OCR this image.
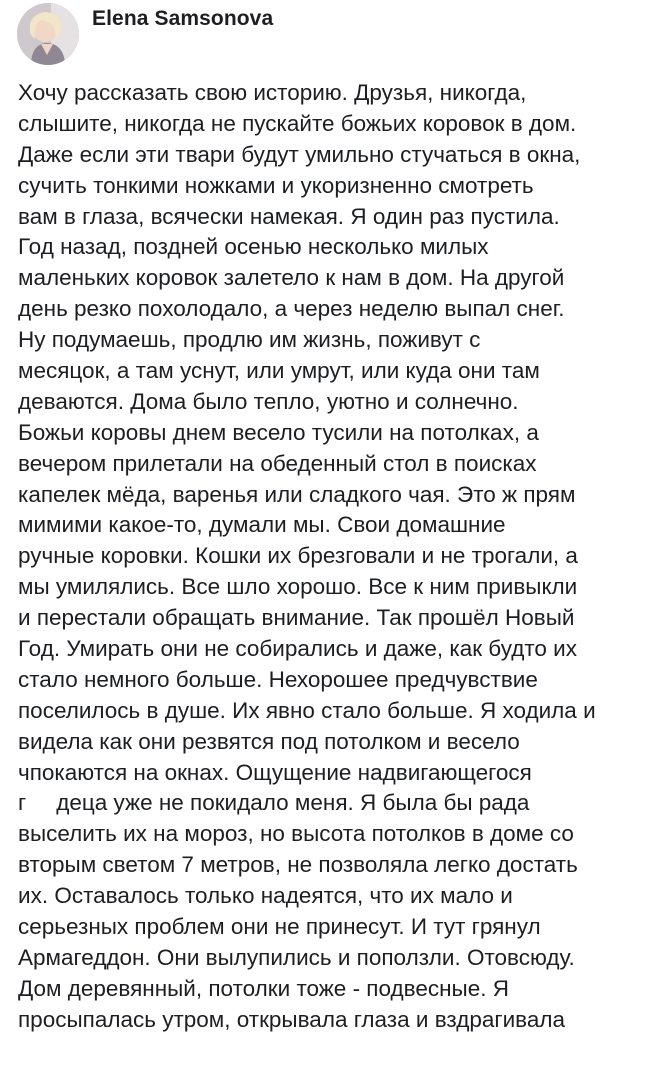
Elena Samsonova
Хочу рассказать свою историю. Друзья, никогда,
слышите, никогда не пускайте божьих коровок в дом.
Даже если эти твари будут умильно стучаться в окна,
сучить тонкими ножками и укоризненно смотреть
вам в глаза, всячески намекая. Я один раз пустила.
Год назад, поздней осенью несколько милых
маленьких коровок залетело к нам в дом. На другой
день резко похолодало, а через неделю выпал снег.
Ну подумаешь, продлю им жизнь, поживут с
месяцок, а там уснут, или умрут, или куда они там
деваются. Дома было тепло, уютно и солнечно.
Божьи коровы днем весело тусили на потолках, а
вечером прилетали на обеденный стол в поисках
капелек мёда, варенья или сладкого чая. Это ж прям
мимими какое-то, думали мы. Свои домашние
ручные коровки. Кошки их брезговали и не трогали, а
мы умилялись. Все шло хорошо. Все к ним привыкли
и перестали обращать внимание. Так прошёл Новый
Год. Умирать они не собирались и даже, как будто их
стало немного больше. Нехорошее предчувствие
поселилось в душе. Их явно стало больше. Я ходила и
видела как они резвятся под потолком и весело
чпокаются на окнах. Ощущение надвигающегося
г деца уже не покидало меня. Я была бы рада
выселить их на мороз, но высота потолков в доме со
вторым светом 7 метров, не позволяла легко достать
их. Оставалось только надеятся, что их мало и
серьезных проблем они не принесут. И тут грянул
Армагеддон. Они вылупились и поползли. Отовсюду.
Дом деревянный, потолки тоже - подвесные. Я
просыпалась утром, открывала глаза и вздрагивала
